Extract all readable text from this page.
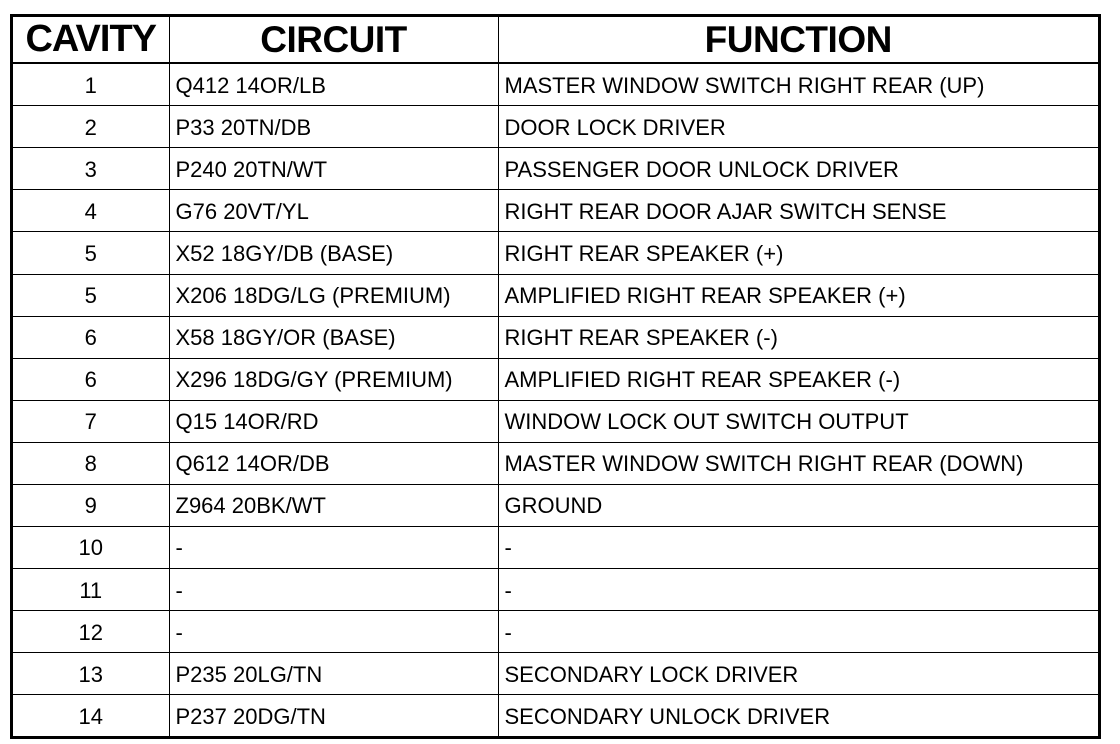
CAVITY	CIRCUIT	FUNCTION
1	Q412 14OR/LB	MASTER WINDOW SWITCH RIGHT REAR (UP)
2	P33 20TN/DB	DOOR LOCK DRIVER
3	P240 20TN/WT	PASSENGER DOOR UNLOCK DRIVER
4	G76 20VT/YL	RIGHT REAR DOOR AJAR SWITCH SENSE
5	X52 18GY/DB (BASE)	RIGHT REAR SPEAKER (+)
5	X206 18DG/LG (PREMIUM)	AMPLIFIED RIGHT REAR SPEAKER (+)
6	X58 18GY/OR (BASE)	RIGHT REAR SPEAKER (-)
6	X296 18DG/GY (PREMIUM)	AMPLIFIED RIGHT REAR SPEAKER (-)
7	Q15 14OR/RD	WINDOW LOCK OUT SWITCH OUTPUT
8	Q612 14OR/DB	MASTER WINDOW SWITCH RIGHT REAR (DOWN)
9	Z964 20BK/WT	GROUND
10	-	-
11	-	-
12	-	-
13	P235 20LG/TN	SECONDARY LOCK DRIVER
14	P237 20DG/TN	SECONDARY UNLOCK DRIVER
